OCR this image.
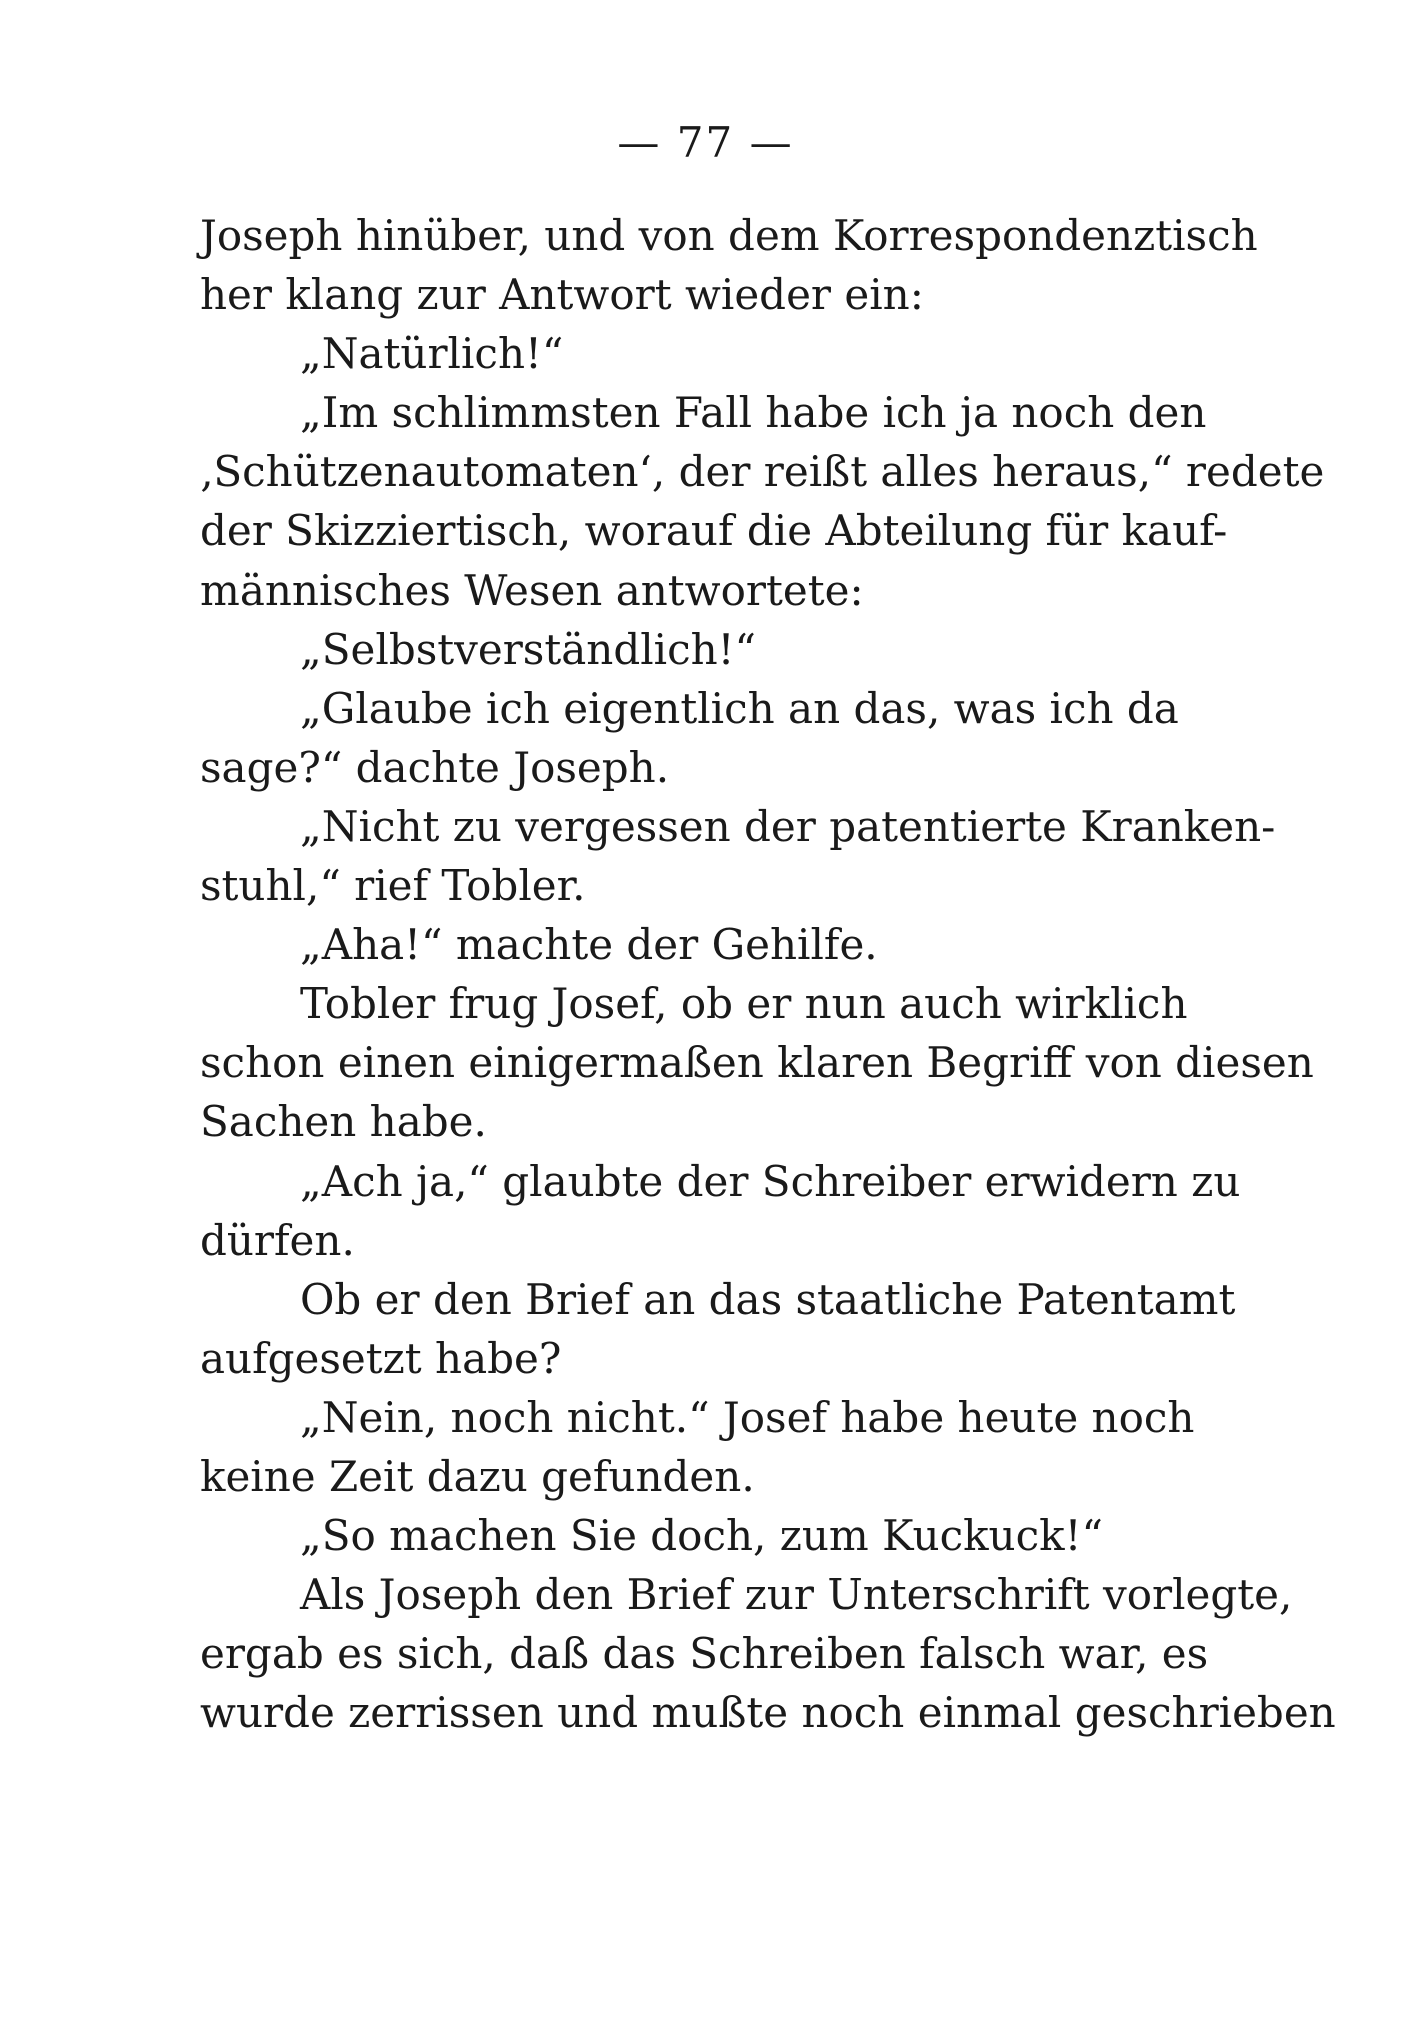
— 77 —
Joseph hinüber, und von dem Korrespondenztisch
her klang zur Antwort wieder ein:
„Natürlich!“
„Im schlimmsten Fall habe ich ja noch den
‚Schützenautomaten‘, der reißt alles heraus,“ redete
der Skizziertisch, worauf die Abteilung für kauf-
männisches Wesen antwortete:
„Selbstverständlich!“
„Glaube ich eigentlich an das, was ich da
sage?“ dachte Joseph.
„Nicht zu vergessen der patentierte Kranken-
stuhl,“ rief Tobler.
„Aha!“ machte der Gehilfe.
Tobler frug Josef, ob er nun auch wirklich
schon einen einigermaßen klaren Begriff von diesen
Sachen habe.
„Ach ja,“ glaubte der Schreiber erwidern zu
dürfen.
Ob er den Brief an das staatliche Patentamt
aufgesetzt habe?
„Nein, noch nicht.“ Josef habe heute noch
keine Zeit dazu gefunden.
„So machen Sie doch, zum Kuckuck!“
Als Joseph den Brief zur Unterschrift vorlegte,
ergab es sich, daß das Schreiben falsch war, es
wurde zerrissen und mußte noch einmal geschrieben
